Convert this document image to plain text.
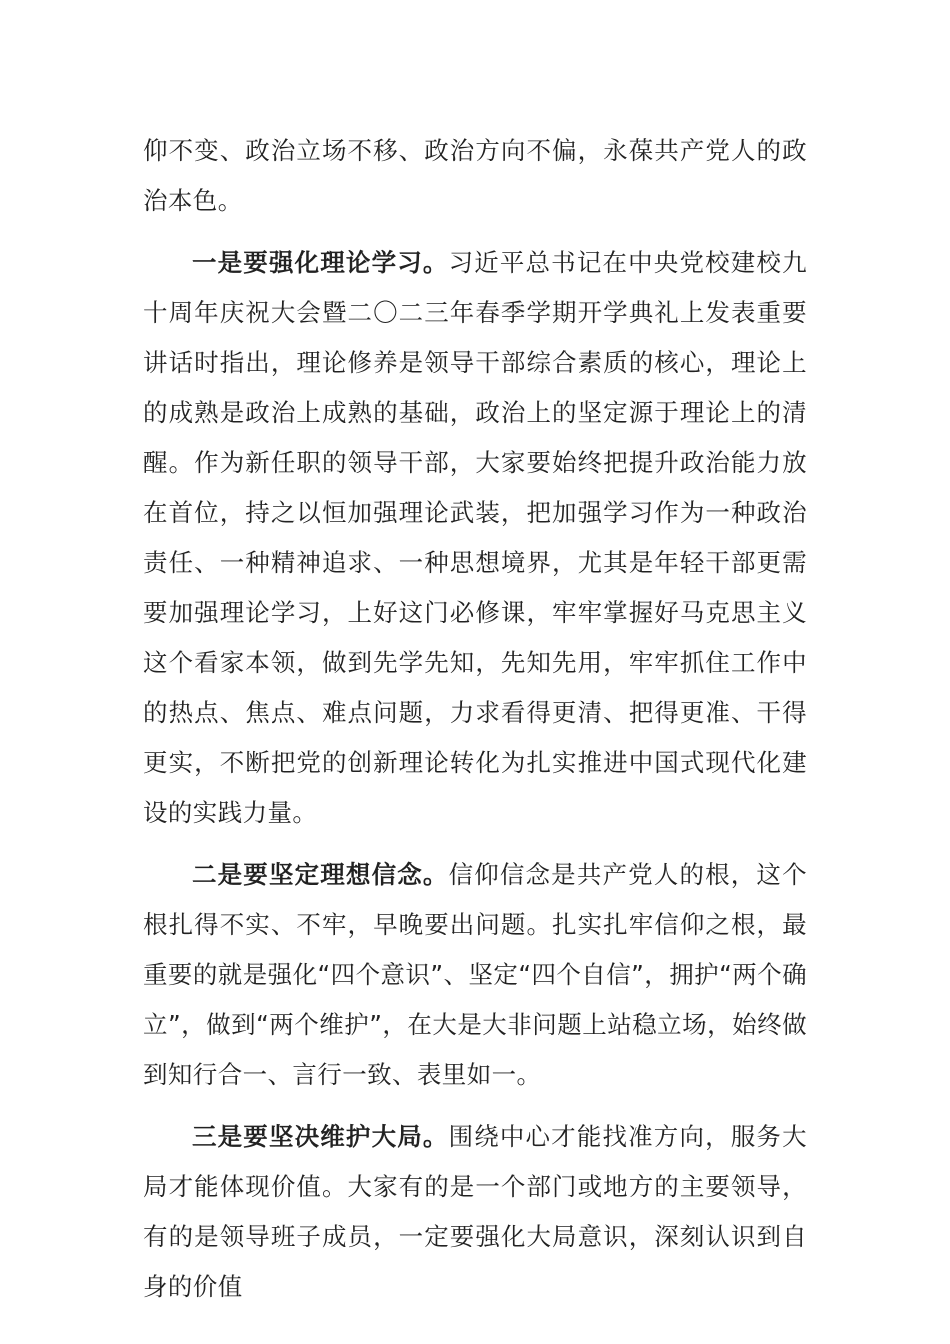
仰不变、政治立场不移、政治方向不偏，永葆共产党人的政治本色。

一是要强化理论学习。习近平总书记在中央党校建校九十周年庆祝大会暨二〇二三年春季学期开学典礼上发表重要讲话时指出，理论修养是领导干部综合素质的核心，理论上的成熟是政治上成熟的基础，政治上的坚定源于理论上的清醒。作为新任职的领导干部，大家要始终把提升政治能力放在首位，持之以恒加强理论武装，把加强学习作为一种政治责任、一种精神追求、一种思想境界，尤其是年轻干部更需要加强理论学习，上好这门必修课，牢牢掌握好马克思主义这个看家本领，做到先学先知，先知先用，牢牢抓住工作中的热点、焦点、难点问题，力求看得更清、把得更准、干得更实，不断把党的创新理论转化为扎实推进中国式现代化建设的实践力量。

二是要坚定理想信念。信仰信念是共产党人的根，这个根扎得不实、不牢，早晚要出问题。扎实扎牢信仰之根，最重要的就是强化“四个意识”、坚定“四个自信”，拥护“两个确立”，做到“两个维护”，在大是大非问题上站稳立场，始终做到知行合一、言行一致、表里如一。

三是要坚决维护大局。围绕中心才能找准方向，服务大局才能体现价值。大家有的是一个部门或地方的主要领导，有的是领导班子成员，一定要强化大局意识，深刻认识到自身的价值
